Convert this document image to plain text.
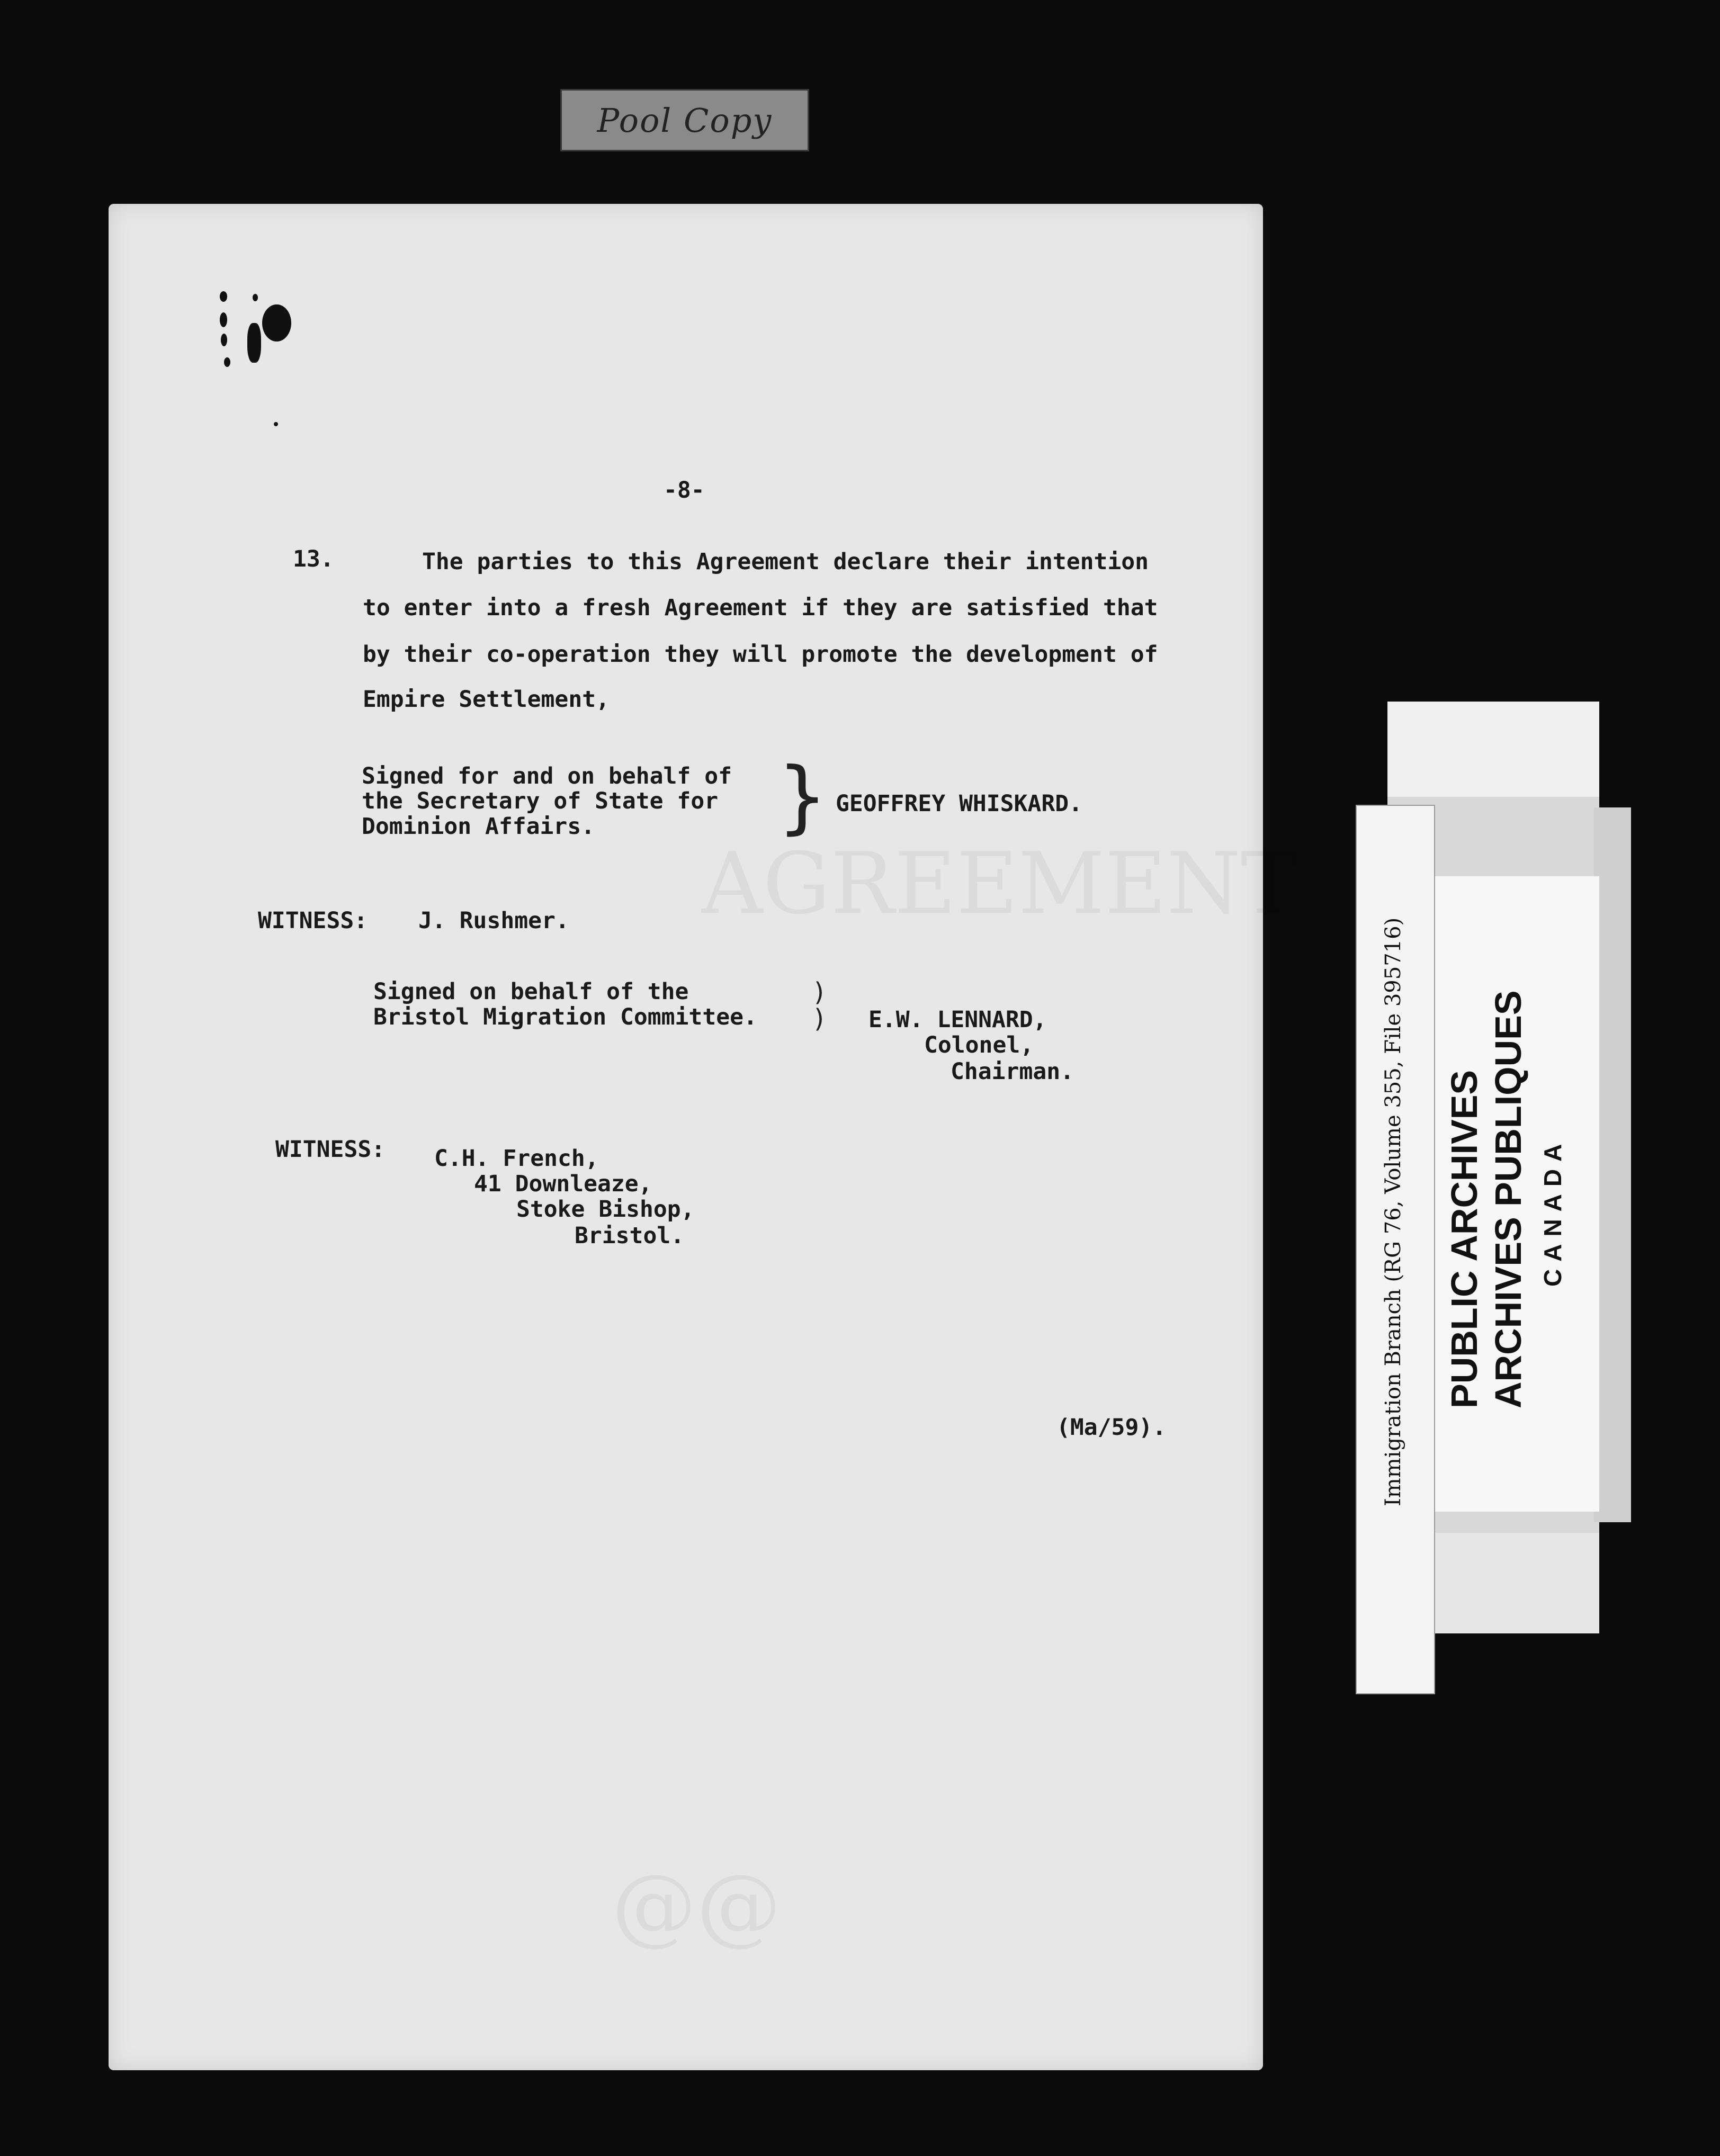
Pool Copy
AGREEMENT
@@
-8-
13.	The parties to this Agreement declare their intention
to enter into a fresh Agreement if they are satisfied that
by their co-operation they will promote the development of
Empire Settlement,
Signed for and on behalf of
the Secretary of State for
Dominion Affairs. } GEOFFREY WHISKARD.
WITNESS: J. Rushmer.
Signed on behalf of the
Bristol Migration Committee.
)
) E.W. LENNARD,
Colonel,
Chairman.
WITNESS: C.H. French,
41 Downleaze,
Stoke Bishop,
Bristol.
(Ma/59).	Immigration Branch (RG 76, Volume 355, File 395716) PUBLIC ARCHIVES ARCHIVES PUBLIQUES CANADA
